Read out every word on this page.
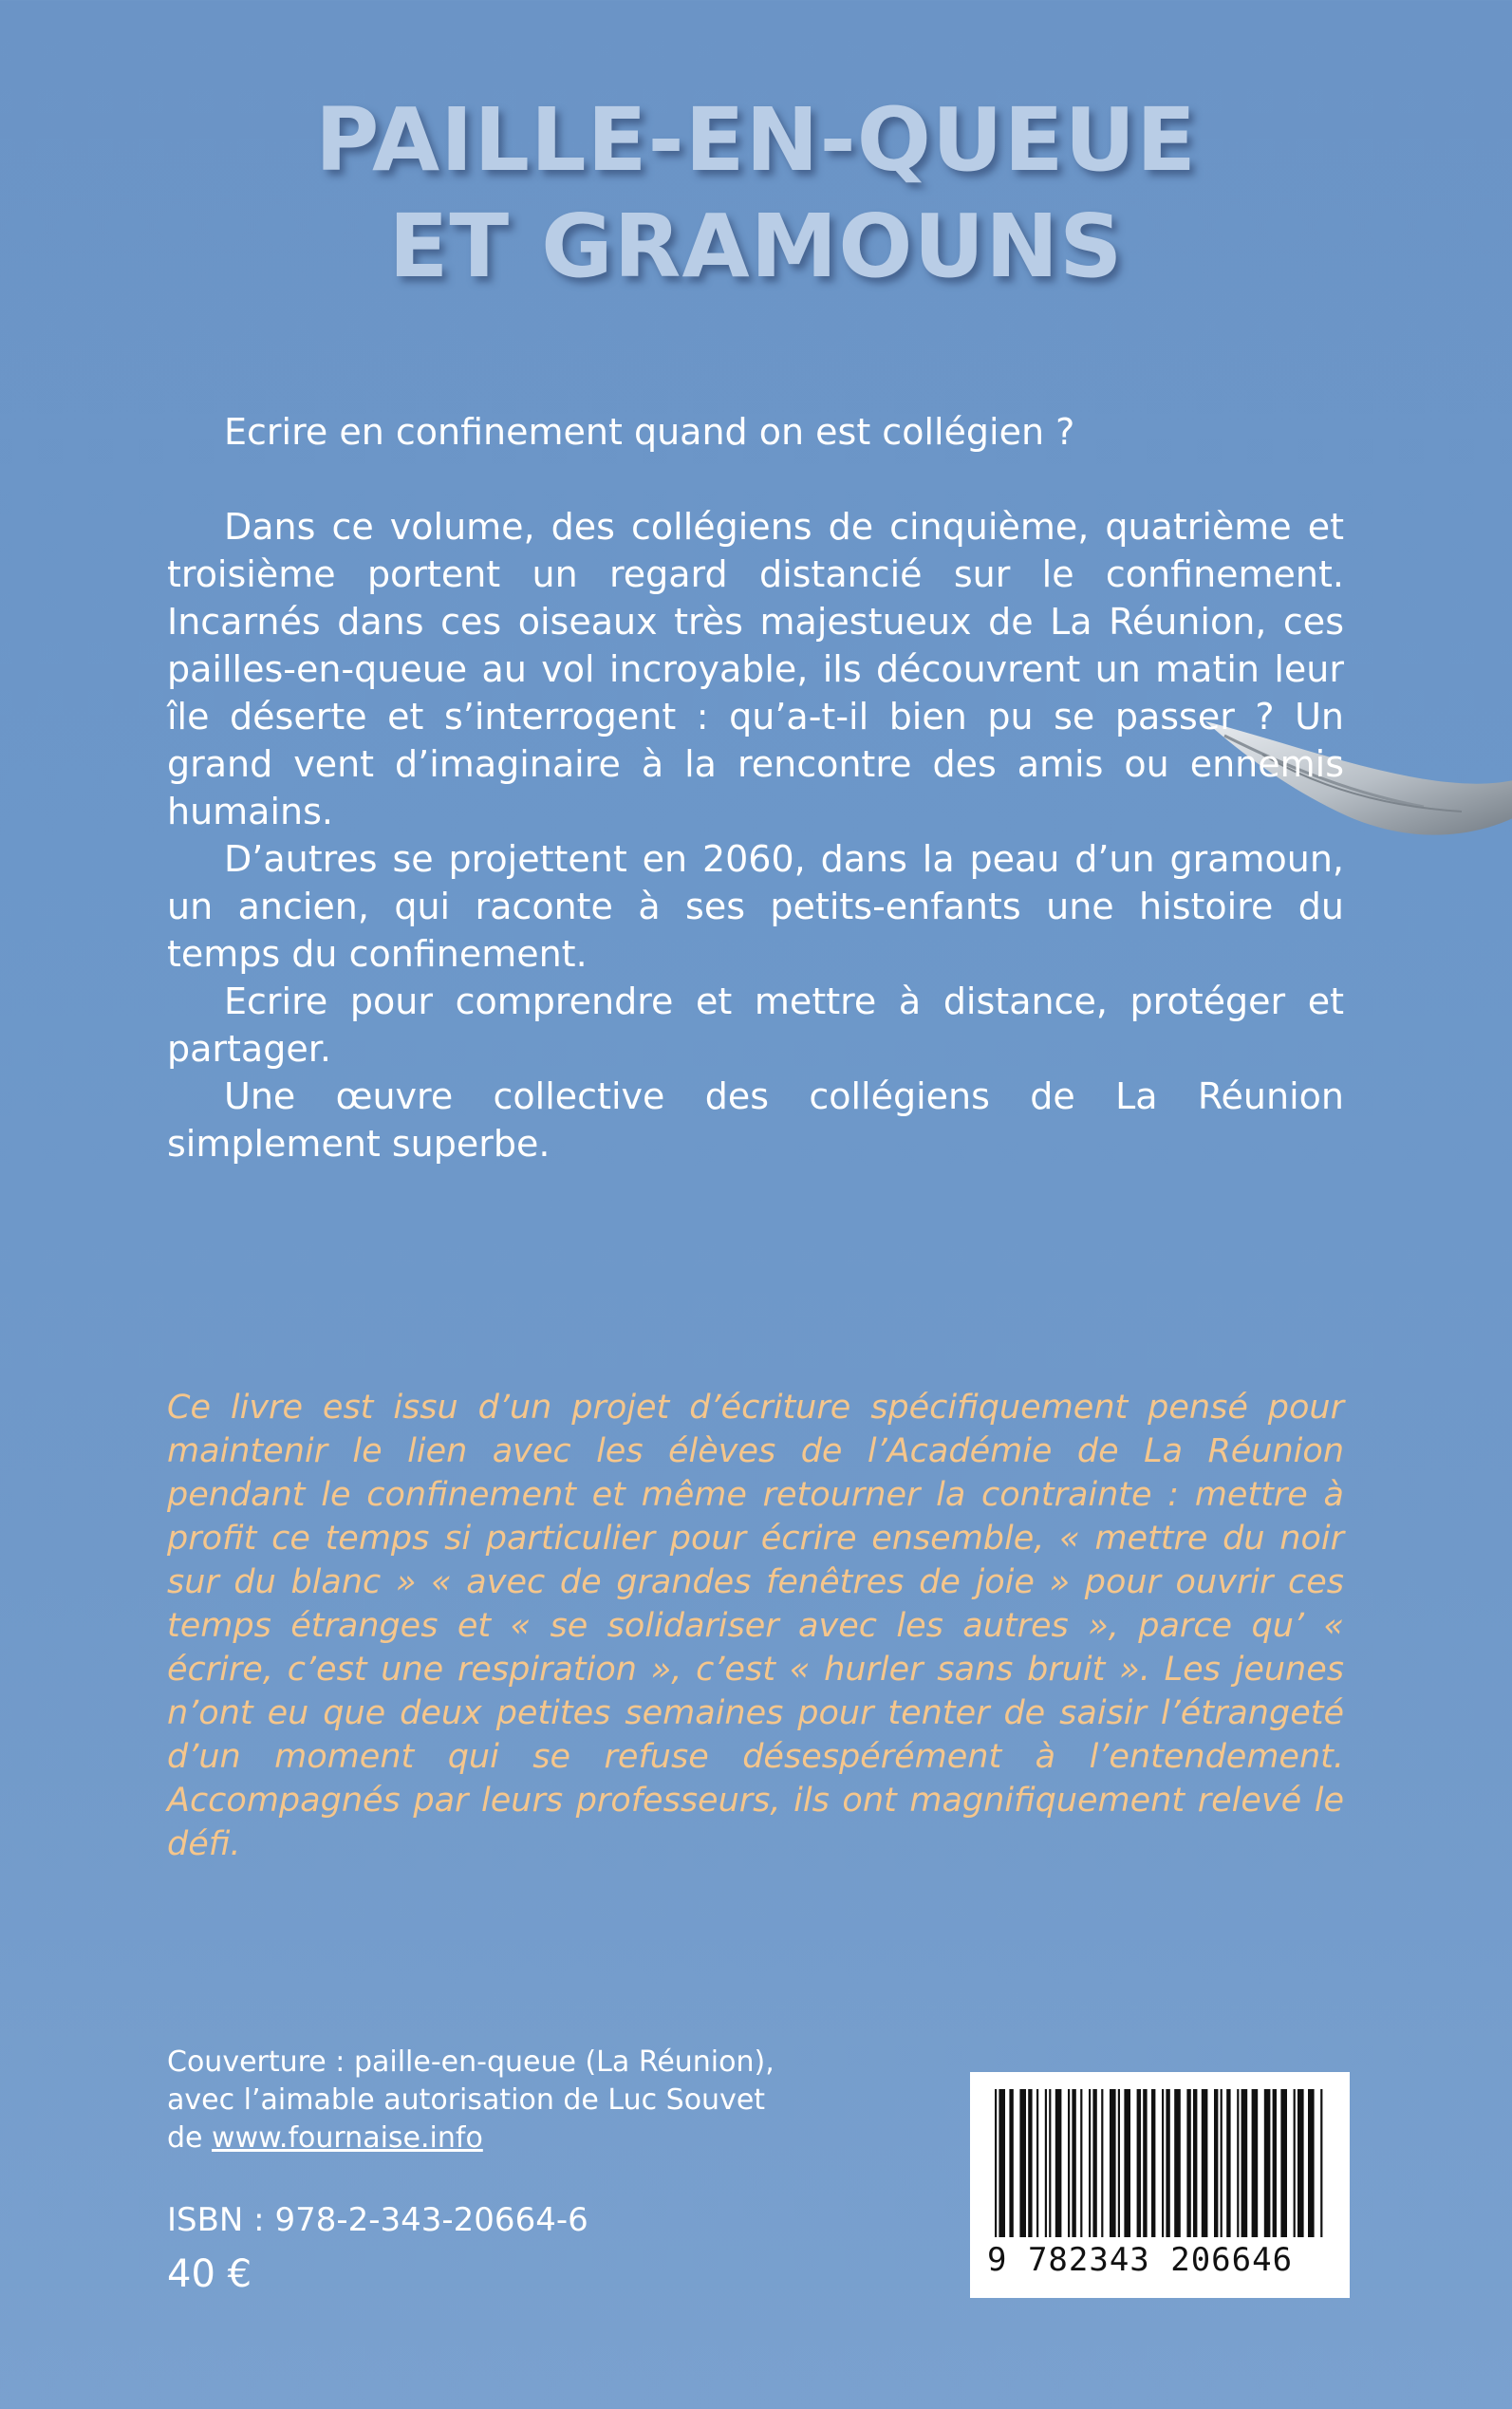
PAILLE-EN-QUEUE
ET GRAMOUNS

Ecrire en confinement quand on est collégien ?

Dans ce volume, des collégiens de cinquième, quatrième et troisième portent un regard distancié sur le confinement. Incarnés dans ces oiseaux très majestueux de La Réunion, ces pailles-en-queue au vol incroyable, ils découvrent un matin leur île déserte et s’interrogent : qu’a-t-il bien pu se passer ? Un grand vent d’imaginaire à la rencontre des amis ou ennemis humains.

D’autres se projettent en 2060, dans la peau d’un gramoun, un ancien, qui raconte à ses petits-enfants une histoire du temps du confinement.

Ecrire pour comprendre et mettre à distance, protéger et partager.

Une œuvre collective des collégiens de La Réunion simplement superbe.

Ce livre est issu d’un projet d’écriture spécifiquement pensé pour maintenir le lien avec les élèves de l’Académie de La Réunion pendant le confinement et même retourner la contrainte : mettre à profit ce temps si particulier pour écrire ensemble, « mettre du noir sur du blanc » « avec de grandes fenêtres de joie » pour ouvrir ces temps étranges et « se solidariser avec les autres », parce qu’ « écrire, c’est une respiration », c’est « hurler sans bruit ». Les jeunes n’ont eu que deux petites semaines pour tenter de saisir l’étrangeté d’un moment qui se refuse désespérément à l’entendement. Accompagnés par leurs professeurs, ils ont magnifiquement relevé le défi.

Couverture : paille-en-queue (La Réunion),
avec l’aimable autorisation de Luc Souvet
de www.fournaise.info
ISBN : 978-2-343-20664-6
40 €	9 782343 206646
